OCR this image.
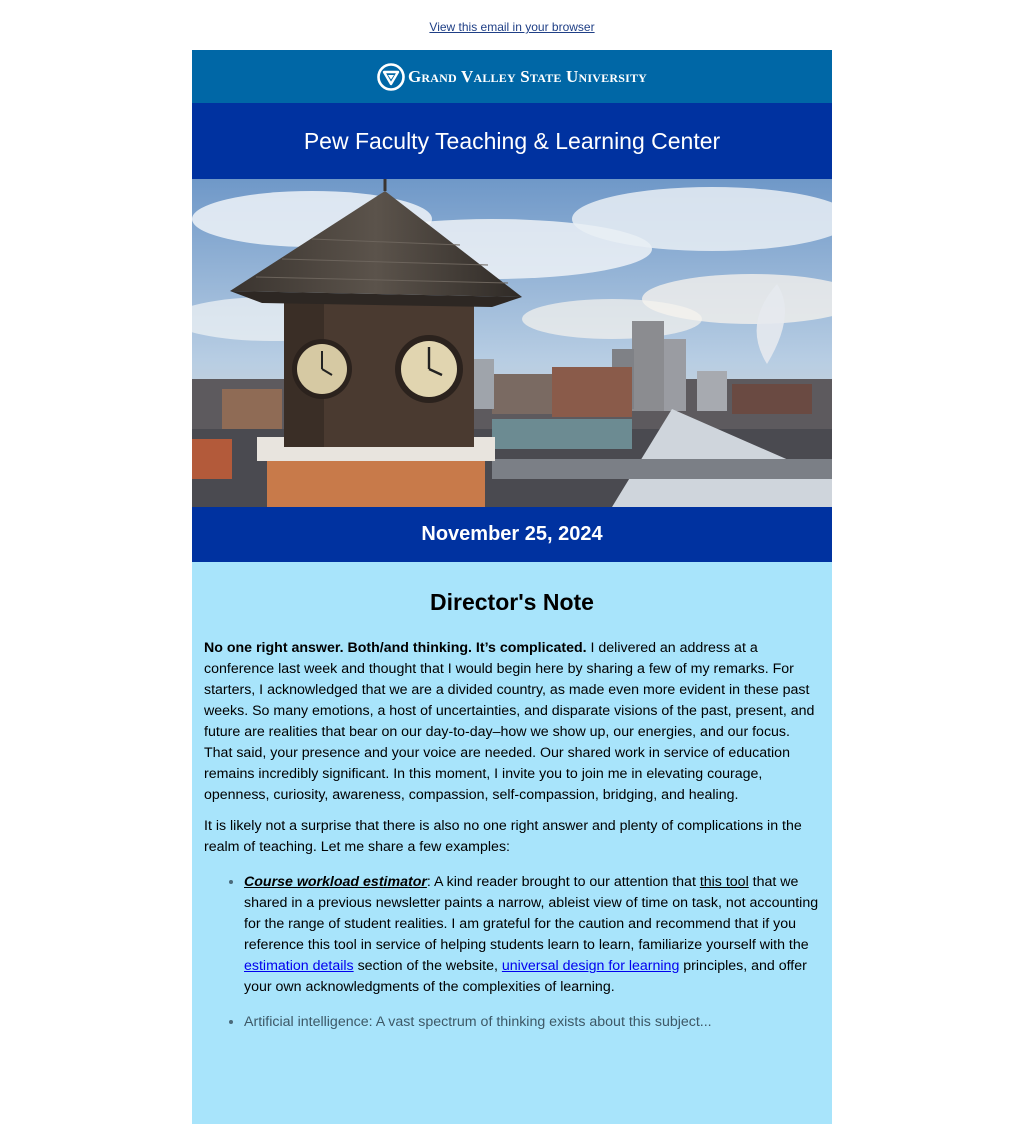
View this email in your browser
Grand Valley State University
Pew Faculty Teaching & Learning Center
November 25, 2024
Director's Note

No one right answer. Both/and thinking. It’s complicated. I delivered an address at a conference last week and thought that I would begin here by sharing a few of my remarks. For starters, I acknowledged that we are a divided country, as made even more evident in these past weeks. So many emotions, a host of uncertainties, and disparate visions of the past, present, and future are realities that bear on our day-to-day–how we show up, our energies, and our focus. That said, your presence and your voice are needed. Our shared work in service of education remains incredibly significant. In this moment, I invite you to join me in elevating courage, openness, curiosity, awareness, compassion, self-compassion, bridging, and healing.

It is likely not a surprise that there is also no one right answer and plenty of complications in the realm of teaching. Let me share a few examples:

• Course workload estimator: A kind reader brought to our attention that this tool that we shared in a previous newsletter paints a narrow, ableist view of time on task, not accounting for the range of student realities. I am grateful for the caution and recommend that if you reference this tool in service of helping students learn to learn, familiarize yourself with the estimation details section of the website, universal design for learning principles, and offer your own acknowledgments of the complexities of learning.
• Artificial intelligence: A vast spectrum of thinking exists about this subject...
